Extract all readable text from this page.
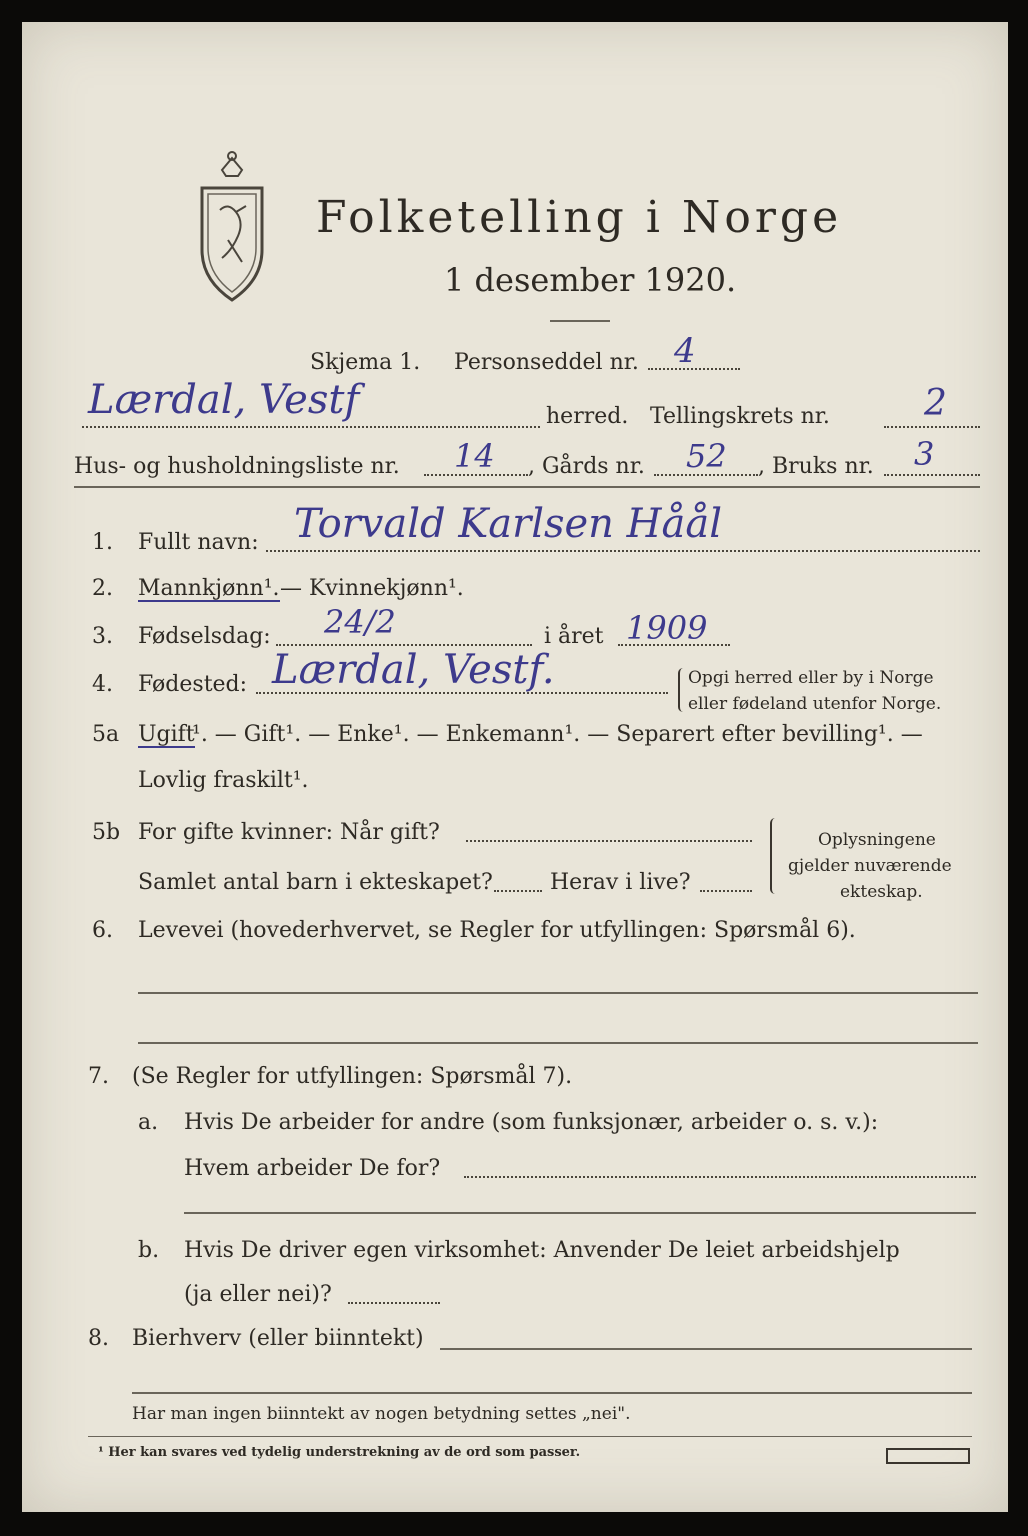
Folketelling i Norge
1 desember 1920.
Skjema 1. Personseddel nr. 4
Lærdal, Vestf	herred. Tellingskrets nr.	2
Hus- og husholdningsliste nr. 14 , Gårds nr. 52 , Bruks nr. 3
1. Fullt navn: Torvald Karlsen Håål
2. Mannkjønn¹. — Kvinnekjønn¹.
3. Fødselsdag: 24/2	i året 1909
4. Fødested: Lærdal, Vestf.	Opgi herred eller by i Norge
eller fødeland utenfor Norge.
5a Ugift
¹. — Gift¹. — Enke¹. — Enkemann¹. — Separert efter bevilling¹. —
Lovlig fraskilt¹.
5b For gifte kvinner: Når gift?
Samlet antal barn i ekteskapet?	Herav i live?
Oplysningene
gjelder nuværende
ekteskap.
6. Levevei (hovederhvervet, se Regler for utfyllingen: Spørsmål 6).
7. (Se Regler for utfyllingen: Spørsmål 7).
a. Hvis De arbeider for andre (som funksjonær, arbeider o. s. v.):
Hvem arbeider De for?
b. Hvis De driver egen virksomhet: Anvender De leiet arbeidshjelp
(ja eller nei)?
8. Bierhverv (eller biinntekt)
Har man ingen biinntekt av nogen betydning settes „nei".
¹ Her kan svares ved tydelig understrekning av de ord som passer.
